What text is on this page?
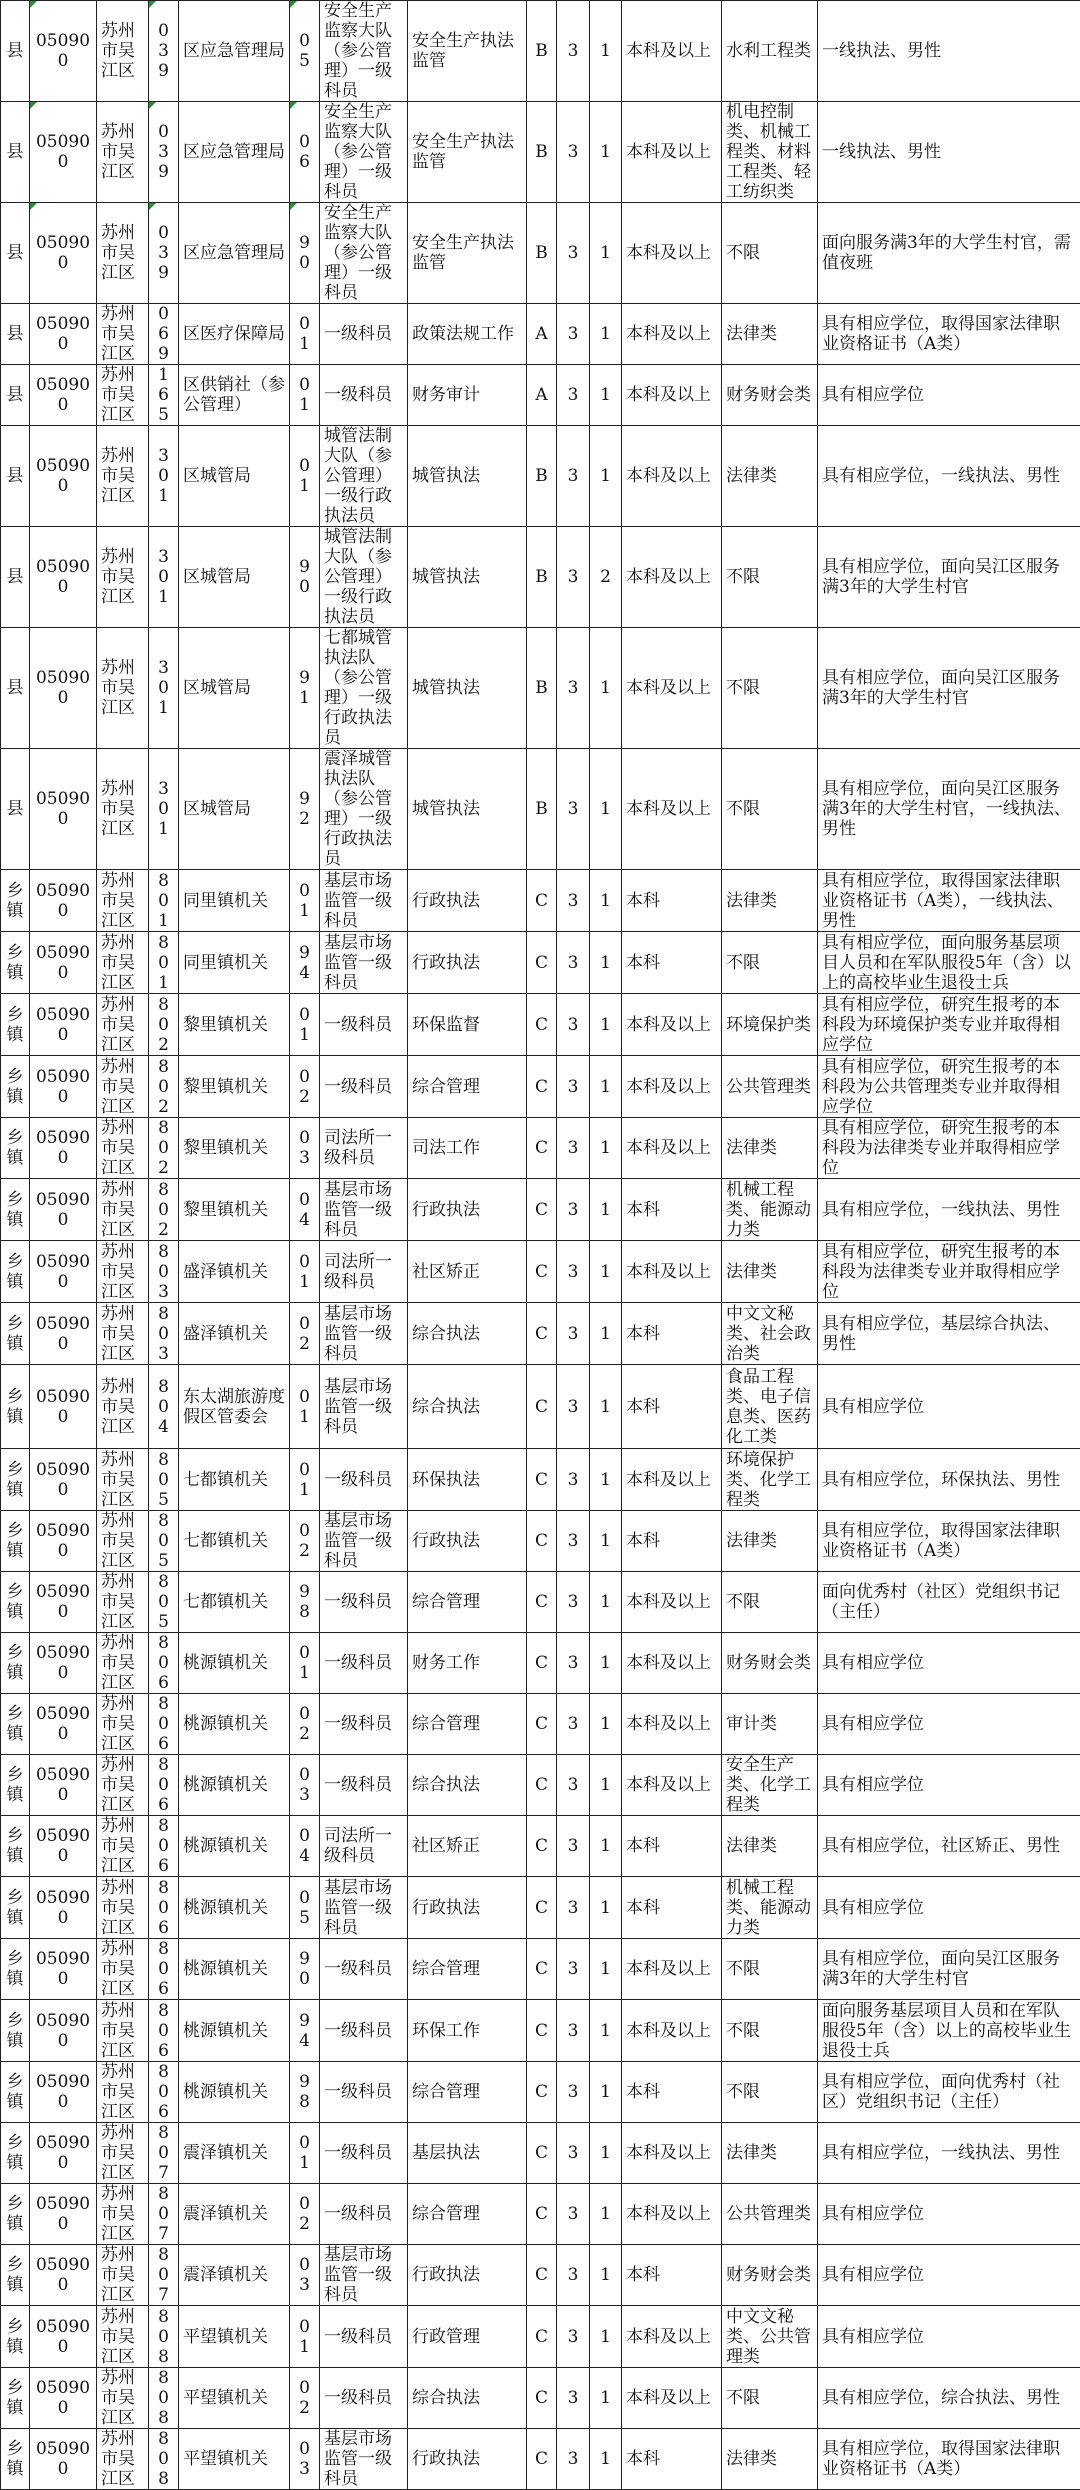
县	050900	苏州市吴江区	039	区应急管理局	05	安全生产监察大队（参公管理）一级科员	安全生产执法监管	B	3	1	本科及以上	水利工程类	一线执法、男性
县	050900	苏州市吴江区	039	区应急管理局	06	安全生产监察大队（参公管理）一级科员	安全生产执法监管	B	3	1	本科及以上	机电控制类、机械工程类、材料工程类、轻工纺织类	一线执法、男性
县	050900	苏州市吴江区	039	区应急管理局	90	安全生产监察大队（参公管理）一级科员	安全生产执法监管	B	3	1	本科及以上	不限	面向服务满3年的大学生村官，需值夜班
县	050900	苏州市吴江区	069	区医疗保障局	01	一级科员	政策法规工作	A	3	1	本科及以上	法律类	具有相应学位，取得国家法律职业资格证书（A类）
县	050900	苏州市吴江区	165	区供销社（参公管理）	01	一级科员	财务审计	A	3	1	本科及以上	财务财会类	具有相应学位
县	050900	苏州市吴江区	301	区城管局	01	城管法制大队（参公管理）一级行政执法员	城管执法	B	3	1	本科及以上	法律类	具有相应学位，一线执法、男性
县	050900	苏州市吴江区	301	区城管局	90	城管法制大队（参公管理）一级行政执法员	城管执法	B	3	2	本科及以上	不限	具有相应学位，面向吴江区服务满3年的大学生村官
县	050900	苏州市吴江区	301	区城管局	91	七都城管执法队（参公管理）一级行政执法员	城管执法	B	3	1	本科及以上	不限	具有相应学位，面向吴江区服务满3年的大学生村官
县	050900	苏州市吴江区	301	区城管局	92	震泽城管执法队（参公管理）一级行政执法员	城管执法	B	3	1	本科及以上	不限	具有相应学位，面向吴江区服务满3年的大学生村官，一线执法、男性
乡镇	050900	苏州市吴江区	801	同里镇机关	01	基层市场监管一级科员	行政执法	C	3	1	本科	法律类	具有相应学位，取得国家法律职业资格证书（A类），一线执法、男性
乡镇	050900	苏州市吴江区	801	同里镇机关	94	基层市场监管一级科员	行政执法	C	3	1	本科	不限	具有相应学位，面向服务基层项目人员和在军队服役5年（含）以上的高校毕业生退役士兵
乡镇	050900	苏州市吴江区	802	黎里镇机关	01	一级科员	环保监督	C	3	1	本科及以上	环境保护类	具有相应学位，研究生报考的本科段为环境保护类专业并取得相应学位
乡镇	050900	苏州市吴江区	802	黎里镇机关	02	一级科员	综合管理	C	3	1	本科及以上	公共管理类	具有相应学位，研究生报考的本科段为公共管理类专业并取得相应学位
乡镇	050900	苏州市吴江区	802	黎里镇机关	03	司法所一级科员	司法工作	C	3	1	本科及以上	法律类	具有相应学位，研究生报考的本科段为法律类专业并取得相应学位
乡镇	050900	苏州市吴江区	802	黎里镇机关	04	基层市场监管一级科员	行政执法	C	3	1	本科	机械工程类、能源动力类	具有相应学位，一线执法、男性
乡镇	050900	苏州市吴江区	803	盛泽镇机关	01	司法所一级科员	社区矫正	C	3	1	本科及以上	法律类	具有相应学位，研究生报考的本科段为法律类专业并取得相应学位
乡镇	050900	苏州市吴江区	803	盛泽镇机关	02	基层市场监管一级科员	综合执法	C	3	1	本科	中文文秘类、社会政治类	具有相应学位，基层综合执法、男性
乡镇	050900	苏州市吴江区	804	东太湖旅游度假区管委会	01	基层市场监管一级科员	综合执法	C	3	1	本科	食品工程类、电子信息类、医药化工类	具有相应学位
乡镇	050900	苏州市吴江区	805	七都镇机关	01	一级科员	环保执法	C	3	1	本科及以上	环境保护类、化学工程类	具有相应学位，环保执法、男性
乡镇	050900	苏州市吴江区	805	七都镇机关	02	基层市场监管一级科员	行政执法	C	3	1	本科	法律类	具有相应学位，取得国家法律职业资格证书（A类）
乡镇	050900	苏州市吴江区	805	七都镇机关	98	一级科员	综合管理	C	3	1	本科及以上	不限	面向优秀村（社区）党组织书记（主任）
乡镇	050900	苏州市吴江区	806	桃源镇机关	01	一级科员	财务工作	C	3	1	本科及以上	财务财会类	具有相应学位
乡镇	050900	苏州市吴江区	806	桃源镇机关	02	一级科员	综合管理	C	3	1	本科及以上	审计类	具有相应学位
乡镇	050900	苏州市吴江区	806	桃源镇机关	03	一级科员	综合执法	C	3	1	本科及以上	安全生产类、化学工程类	具有相应学位
乡镇	050900	苏州市吴江区	806	桃源镇机关	04	司法所一级科员	社区矫正	C	3	1	本科	法律类	具有相应学位，社区矫正、男性
乡镇	050900	苏州市吴江区	806	桃源镇机关	05	基层市场监管一级科员	行政执法	C	3	1	本科	机械工程类、能源动力类	具有相应学位
乡镇	050900	苏州市吴江区	806	桃源镇机关	90	一级科员	综合管理	C	3	1	本科及以上	不限	具有相应学位，面向吴江区服务满3年的大学生村官
乡镇	050900	苏州市吴江区	806	桃源镇机关	94	一级科员	环保工作	C	3	1	本科及以上	不限	面向服务基层项目人员和在军队服役5年（含）以上的高校毕业生退役士兵
乡镇	050900	苏州市吴江区	806	桃源镇机关	98	一级科员	综合管理	C	3	1	本科	不限	具有相应学位，面向优秀村（社区）党组织书记（主任）
乡镇	050900	苏州市吴江区	807	震泽镇机关	01	一级科员	基层执法	C	3	1	本科及以上	法律类	具有相应学位，一线执法、男性
乡镇	050900	苏州市吴江区	807	震泽镇机关	02	一级科员	综合管理	C	3	1	本科及以上	公共管理类	具有相应学位
乡镇	050900	苏州市吴江区	807	震泽镇机关	03	基层市场监管一级科员	行政执法	C	3	1	本科	财务财会类	具有相应学位
乡镇	050900	苏州市吴江区	808	平望镇机关	01	一级科员	行政管理	C	3	1	本科及以上	中文文秘类、公共管理类	具有相应学位
乡镇	050900	苏州市吴江区	808	平望镇机关	02	一级科员	综合执法	C	3	1	本科及以上	不限	具有相应学位，综合执法、男性
乡镇	050900	苏州市吴江区	808	平望镇机关	03	基层市场监管一级科员	行政执法	C	3	1	本科	法律类	具有相应学位，取得国家法律职业资格证书（A类）
